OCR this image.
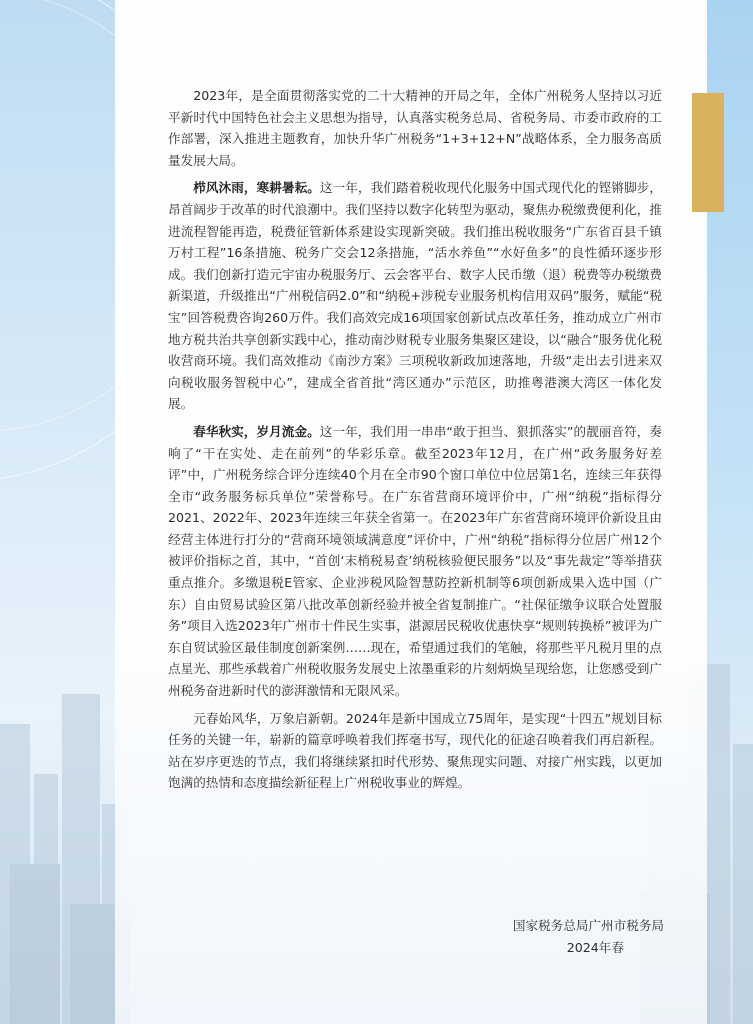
2023年，是全面贯彻落实党的二十大精神的开局之年，全体广州税务人坚持以习近平新时代中国特色社会主义思想为指导，认真落实税务总局、省税务局、市委市政府的工作部署，深入推进主题教育，加快升华广州税务“1+3+12+N”战略体系，全力服务高质量发展大局。

栉风沐雨，寒耕暑耘。这一年，我们踏着税收现代化服务中国式现代化的铿锵脚步，昂首阔步于改革的时代浪潮中。我们坚持以数字化转型为驱动，聚焦办税缴费便利化，推进流程智能再造，税费征管新体系建设实现新突破。我们推出税收服务“广东省百县千镇万村工程”16条措施、税务广交会12条措施，“活水养鱼”“水好鱼多”的良性循环逐步形成。我们创新打造元宇宙办税服务厅、云会客平台、数字人民币缴（退）税费等办税缴费新渠道，升级推出“广州税信码2.0”和“纳税+涉税专业服务机构信用双码”服务，赋能“税宝”回答税费咨询260万件。我们高效完成16项国家创新试点改革任务，推动成立广州市地方税共治共享创新实践中心，推动南沙财税专业服务集聚区建设，以“融合”服务优化税收营商环境。我们高效推动《南沙方案》三项税收新政加速落地，升级“走出去引进来双向税收服务智税中心”，建成全省首批“湾区通办”示范区，助推粤港澳大湾区一体化发展。

春华秋实，岁月流金。这一年，我们用一串串“敢于担当、狠抓落实”的靓丽音符，奏响了“干在实处、走在前列”的华彩乐章。截至2023年12月，在广州“政务服务好差评”中，广州税务综合评分连续40个月在全市90个窗口单位中位居第1名，连续三年获得全市“政务服务标兵单位”荣誉称号。在广东省营商环境评价中，广州“纳税”指标得分2021、2022年、2023年连续三年获全省第一。在2023年广东省营商环境评价新设且由经营主体进行打分的“营商环境领域满意度”评价中，广州“纳税”指标得分位居广州12个被评价指标之首，其中，“首创‘末梢税易查’纳税核验便民服务”以及“事先裁定”等举措获重点推介。多缴退税E管家、企业涉税风险智慧防控新机制等6项创新成果入选中国（广东）自由贸易试验区第八批改革创新经验并被全省复制推广。“社保征缴争议联合处置服务”项目入选2023年广州市十件民生实事，湛源居民税收优惠快享“规则转换桥”被评为广东自贸试验区最佳制度创新案例……现在，希望通过我们的笔触，将那些平凡税月里的点点星光、那些承载着广州税收服务发展史上浓墨重彩的片刻炳焕呈现给您，让您感受到广州税务奋进新时代的澎湃激情和无限风采。

元春始风华，万象启新朝。2024年是新中国成立75周年，是实现“十四五”规划目标任务的关键一年，崭新的篇章呼唤着我们挥毫书写，现代化的征途召唤着我们再启新程。站在岁序更迭的节点，我们将继续紧扣时代形势、聚焦现实问题、对接广州实践，以更加饱满的热情和态度描绘新征程上广州税收事业的辉煌。

国家税务总局广州市税务局
2024年春
